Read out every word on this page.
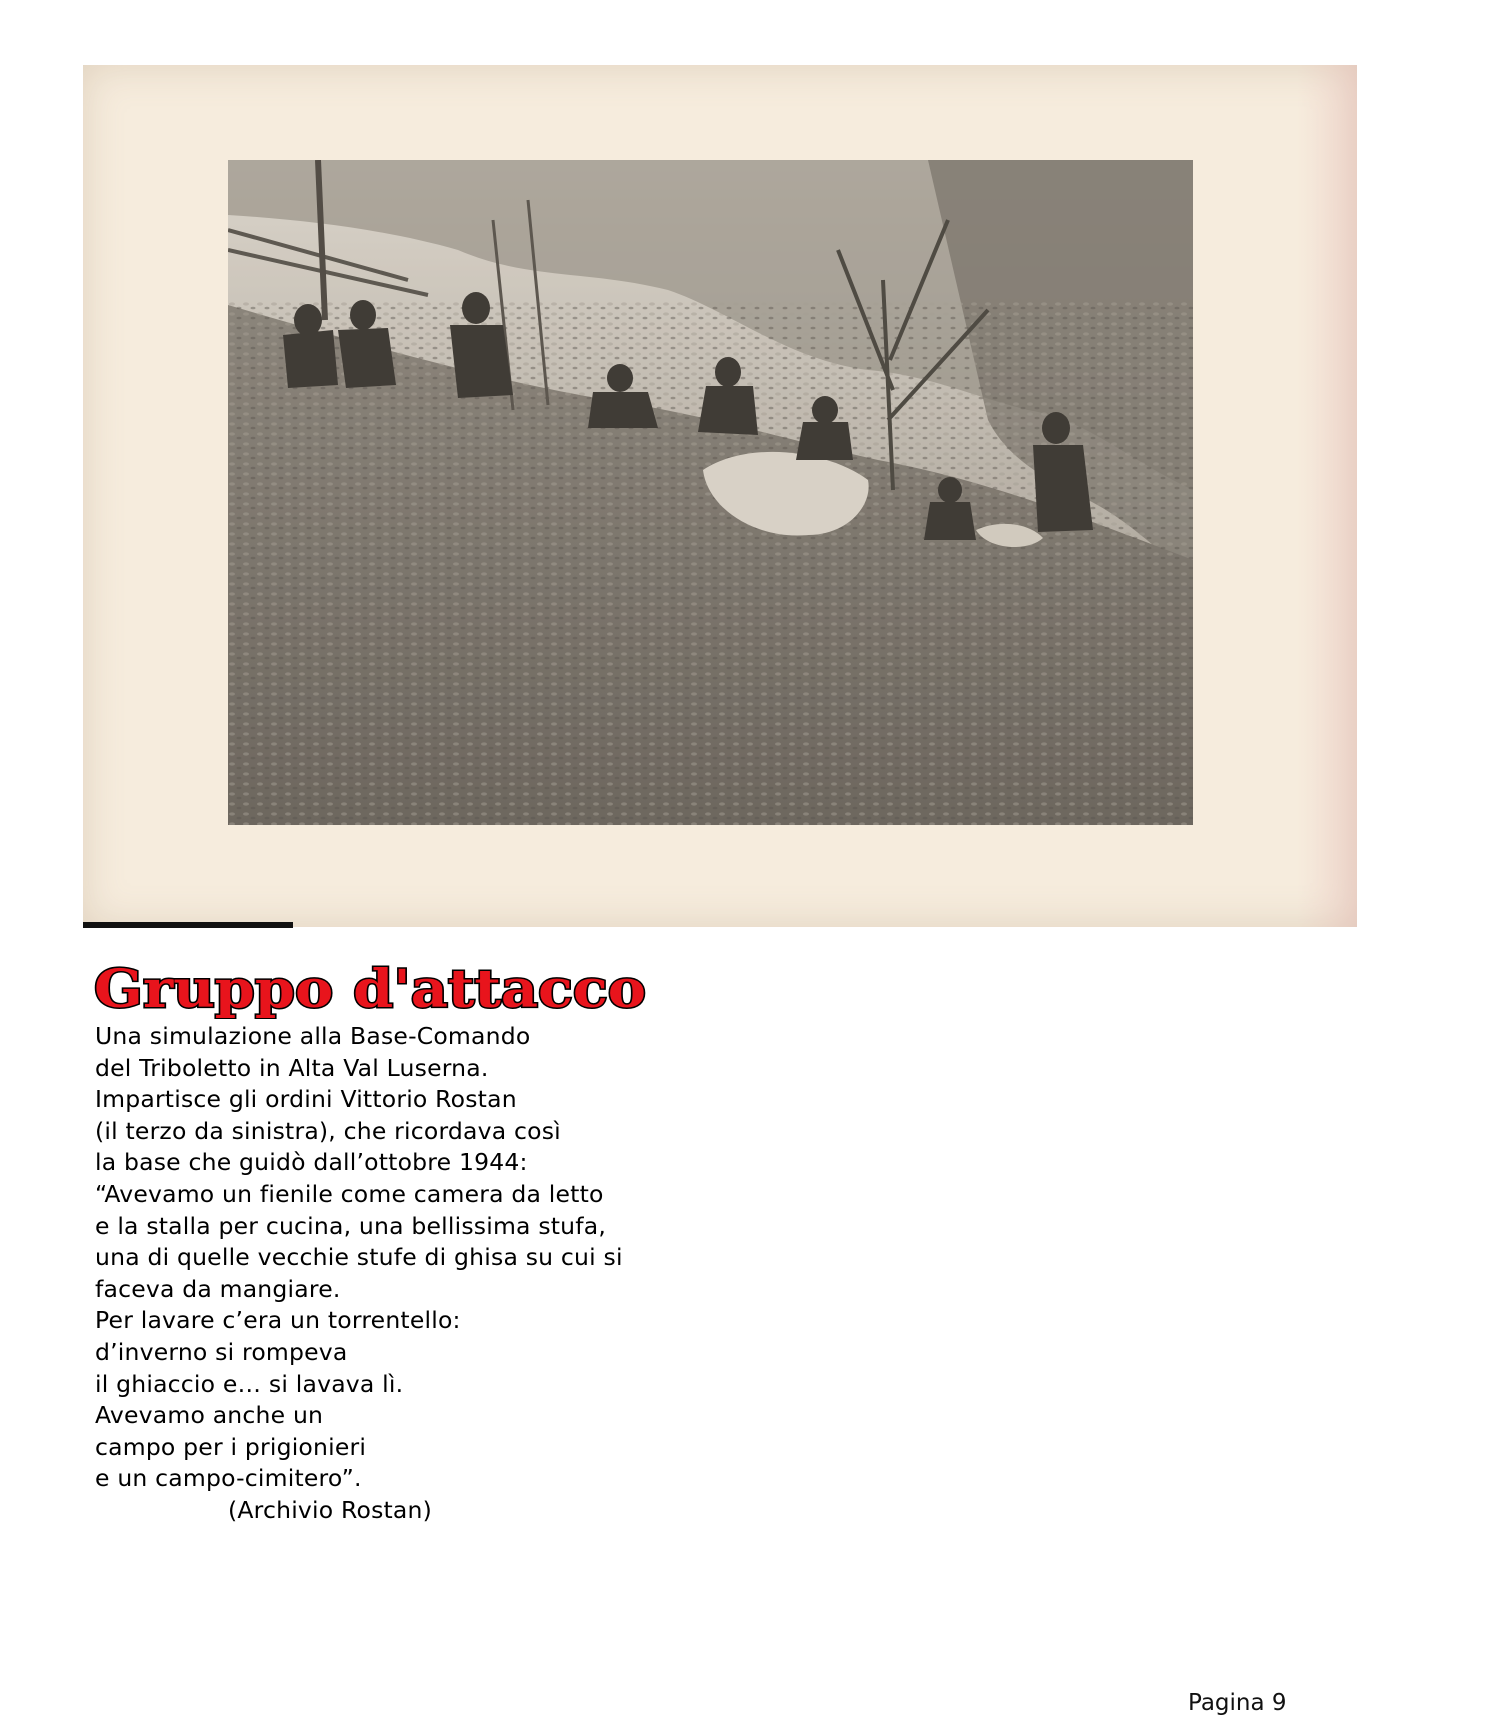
Gruppo d'attacco
Una simulazione alla Base-Comando
del Triboletto in Alta Val Luserna.
Impartisce gli ordini Vittorio Rostan
(il terzo da sinistra), che ricordava così
la base che guidò dall’ottobre 1944:
“Avevamo un fienile come camera da letto
e la stalla per cucina, una bellissima stufa,
una di quelle vecchie stufe di ghisa su cui si
faceva da mangiare.
Per lavare c’era un torrentello:
d’inverno si rompeva
il ghiaccio e… si lavava lì.
Avevamo anche un
campo per i prigionieri
e un campo-cimitero”.
(Archivio Rostan)
Pagina 9
